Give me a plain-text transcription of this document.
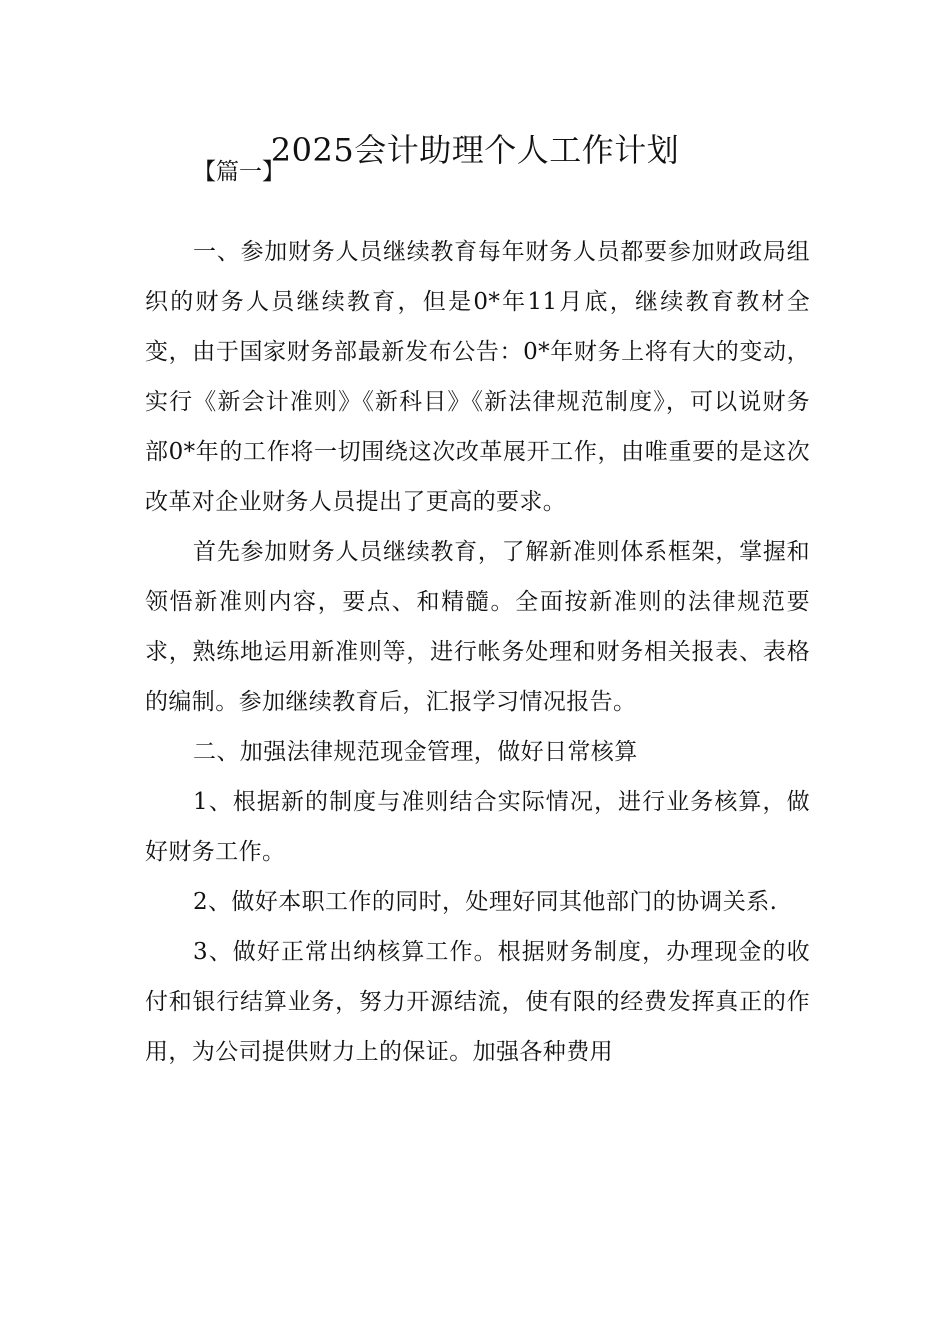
2025会计助理个人工作计划

【篇一】

一、参加财务人员继续教育每年财务人员都要参加财政局组织的财务人员继续教育，但是0*年11月底，继续教育教材全变，由于国家财务部最新发布公告：0*年财务上将有大的变动，实行《新会计准则》《新科目》《新法律规范制度》，可以说财务部0*年的工作将一切围绕这次改革展开工作，由唯重要的是这次改革对企业财务人员提出了更高的要求。

首先参加财务人员继续教育，了解新准则体系框架，掌握和领悟新准则内容，要点、和精髓。全面按新准则的法律规范要求，熟练地运用新准则等，进行帐务处理和财务相关报表、表格的编制。参加继续教育后，汇报学习情况报告。

二、加强法律规范现金管理，做好日常核算

1、根据新的制度与准则结合实际情况，进行业务核算，做好财务工作。

2、做好本职工作的同时，处理好同其他部门的协调关系.

3、做好正常出纳核算工作。根据财务制度，办理现金的收付和银行结算业务，努力开源结流，使有限的经费发挥真正的作用，为公司提供财力上的保证。加强各种费用
